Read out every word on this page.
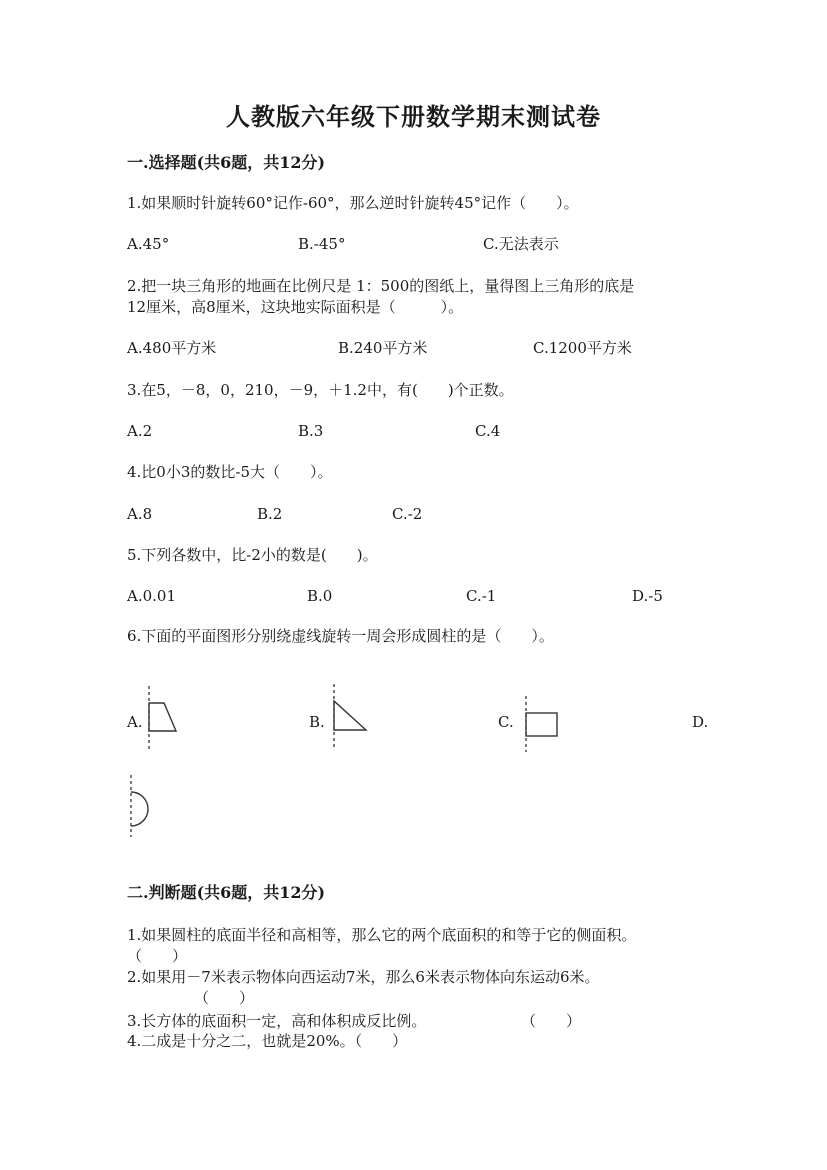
人教版六年级下册数学期末测试卷
一.选择题(共6题，共12分)
1.如果顺时针旋转60°记作-60°，那么逆时针旋转45°记作（　　）。
A.45°	B.-45°	C.无法表示
2.把一块三角形的地画在比例尺是 1：500的图纸上，量得图上三角形的底是
12厘米，高8厘米，这块地实际面积是（　　　）。
A.480平方米	B.240平方米	C.1200平方米
3.在5，－8，0，210，－9，＋1.2中，有(　　)个正数。
A.2	B.3	C.4
4.比0小3的数比-5大（　　）。
A.8	B.2	C.-2
5.下列各数中，比-2小的数是(　　)。
A.0.01	B.0	C.-1	D.-5
6.下面的平面图形分别绕虚线旋转一周会形成圆柱的是（　　）。
A.	B.	C.	D.
二.判断题(共6题，共12分)
1.如果圆柱的底面半径和高相等，那么它的两个底面积的和等于它的侧面积。
（　　）
2.如果用－7米表示物体向西运动7米，那么6米表示物体向东运动6米。
（　　）
3.长方体的底面积一定，高和体积成反比例。	（　　）
4.二成是十分之二，也就是20%。（　　）
